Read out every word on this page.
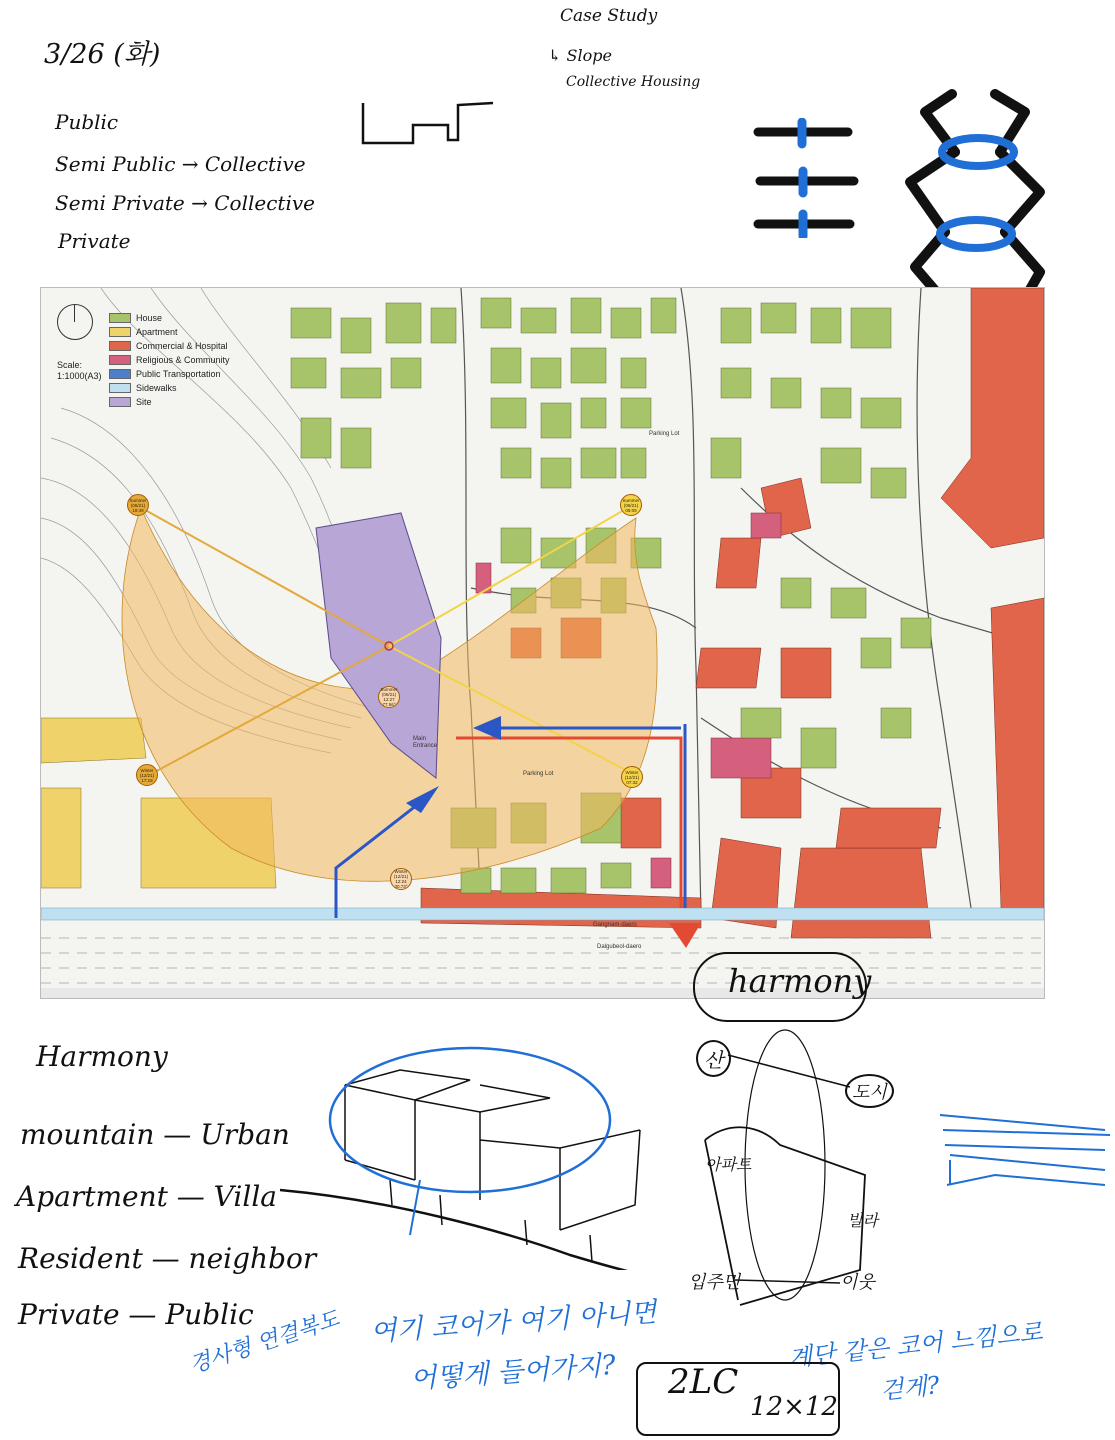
3/26 (화)
Case Study
↳ Slope
Collective Housing
Public
Semi Public → Collective
Semi Private → Collective
Private
Scale:
1:1000(A3)
House
Apartment
Commercial & Hospital
Religious & Community
Public Transportation
Sidewalks
Site
Parking Lot
Parking Lot
Main
Entrance
Gangnam-daero
Dalgubeol-daero
Summer
(06/21)
19:49
Summer
(06/21)
05:09
Summer
(06/21)
12:27
77.56°
Winter
(12/21)
17:19
Winter
(12/21)
07:32
Winter
(12/21)
12:24
30.73°
Harmony
mountain — Urban
Apartment — Villa
Resident — neighbor
Private — Public
harmony
산
도시
아파트
빌라
입주민	이웃
경사형 연결복도 여기 코어가 여기 아니면
어떻게 들어가지?
계단 같은 코어 느낌으로
걷게?
2LC
12×12
